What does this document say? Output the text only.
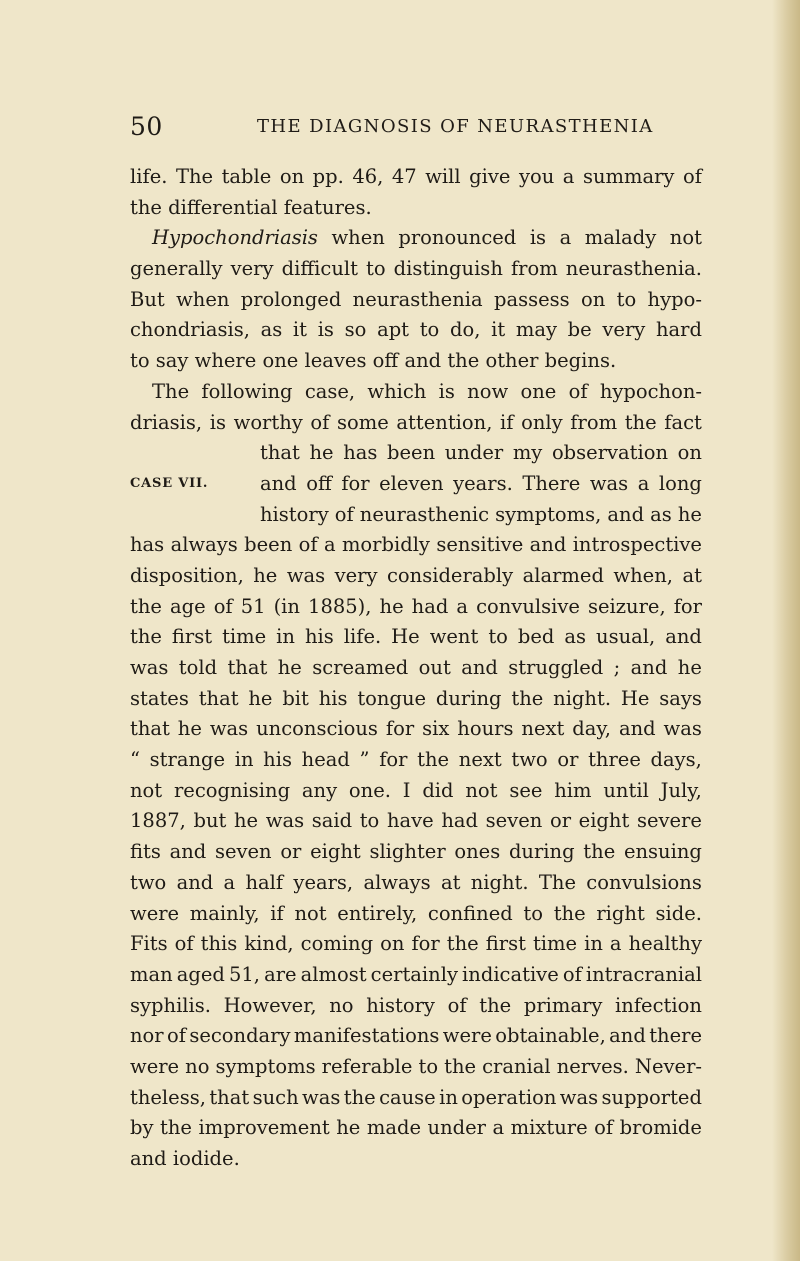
50	THE DIAGNOSIS OF NEURASTHENIA
life. The table on pp. 46, 47 will give you a summary of
the differential features.
Hypochondriasis when pronounced is a malady not
generally very difficult to distinguish from neurasthenia.
But when prolonged neurasthenia passess on to hypo-
chondriasis, as it is so apt to do, it may be very hard
to say where one leaves off and the other begins.
The following case, which is now one of hypochon-
driasis, is worthy of some attention, if only from the fact
that he has been under my observation on
CASE VII.	and off for eleven years. There was a long
history of neurasthenic symptoms, and as he
has always been of a morbidly sensitive and introspective
disposition, he was very considerably alarmed when, at
the age of 51 (in 1885), he had a convulsive seizure, for
the first time in his life. He went to bed as usual, and
was told that he screamed out and struggled ; and he
states that he bit his tongue during the night. He says
that he was unconscious for six hours next day, and was
“ strange in his head ” for the next two or three days,
not recognising any one. I did not see him until July,
1887, but he was said to have had seven or eight severe
fits and seven or eight slighter ones during the ensuing
two and a half years, always at night. The convulsions
were mainly, if not entirely, confined to the right side.
Fits of this kind, coming on for the first time in a healthy
man aged 51, are almost certainly indicative of intracranial
syphilis. However, no history of the primary infection
nor of secondary manifestations were obtainable, and there
were no symptoms referable to the cranial nerves. Never-
theless, that such was the cause in operation was supported
by the improvement he made under a mixture of bromide
and iodide.
